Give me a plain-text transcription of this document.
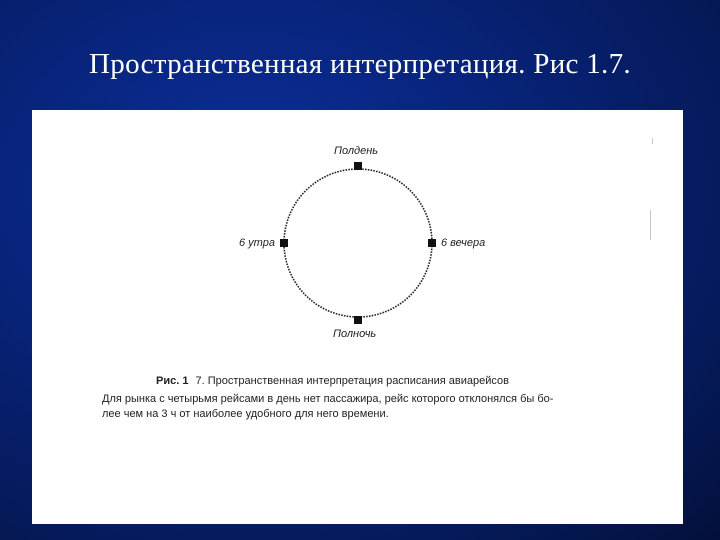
Пространственная интерпретация. Рис 1.7.
Полдень
6 вечера
Полночь
6 утра
Рис. 1 7. Пространственная интерпретация расписания авиарейсов
Для рынка с четырьмя рейсами в день нет пассажира, рейс которого отклонялся бы бо-
лее чем на 3 ч от наиболее удобного для него времени.
